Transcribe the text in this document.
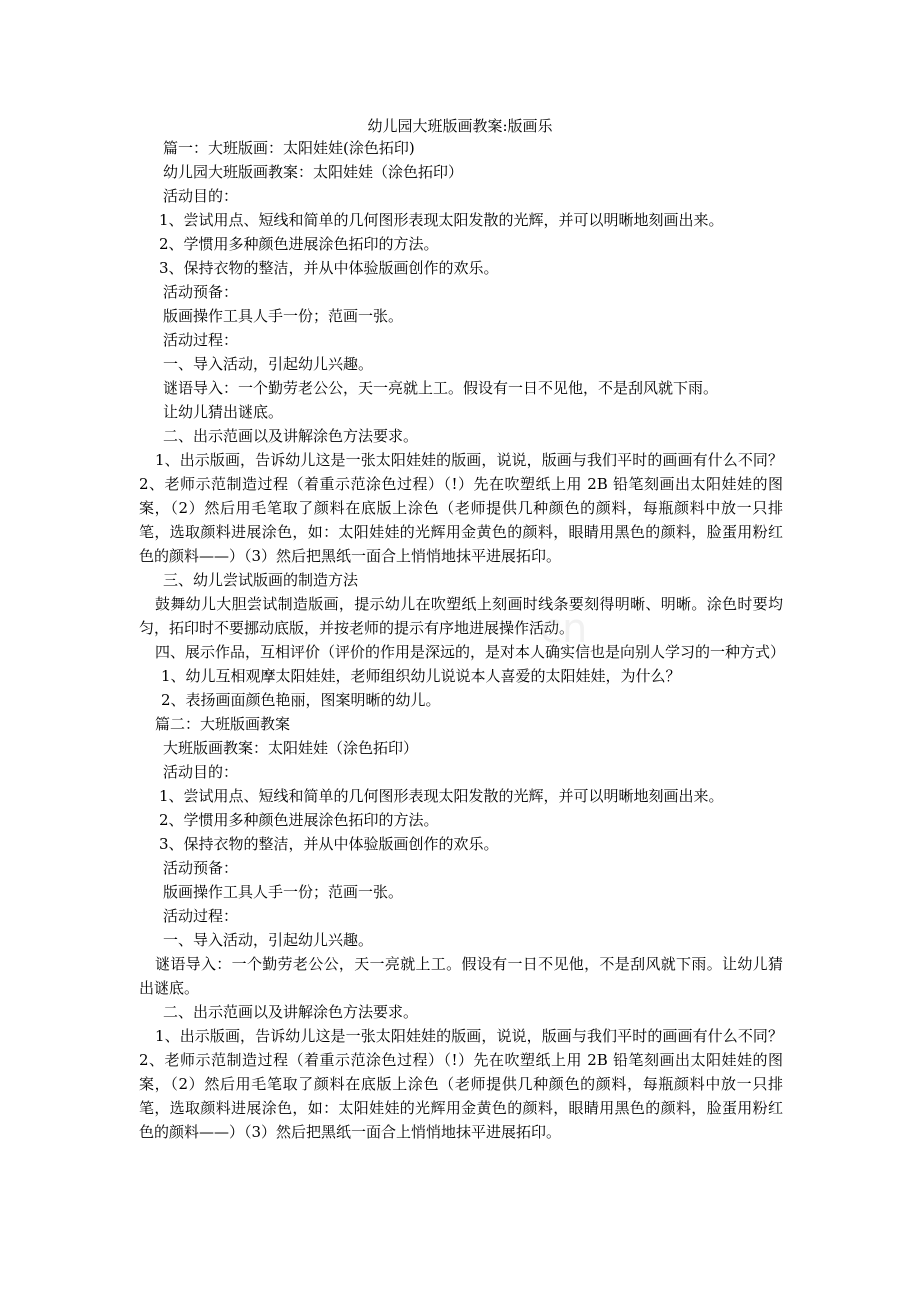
幼儿园大班版画教案:版画乐
cn

篇一：大班版画：太阳娃娃(涂色拓印)

幼儿园大班版画教案：太阳娃娃（涂色拓印）

活动目的：

1、尝试用点、短线和简单的几何图形表现太阳发散的光辉，并可以明晰地刻画出来。

2、学惯用多种颜色进展涂色拓印的方法。

3、保持衣物的整洁，并从中体验版画创作的欢乐。

活动预备：

版画操作工具人手一份；范画一张。

活动过程：

一、导入活动，引起幼儿兴趣。

谜语导入：一个勤劳老公公，天一亮就上工。假设有一日不见他，不是刮风就下雨。

让幼儿猜出谜底。

二、出示范画以及讲解涂色方法要求。

1、出示版画，告诉幼儿这是一张太阳娃娃的版画，说说，版画与我们平时的画画有什么不同？2、老师示范制造过程（着重示范涂色过程）（!）先在吹塑纸上用 2B 铅笔刻画出太阳娃娃的图案，（2）然后用毛笔取了颜料在底版上涂色（老师提供几种颜色的颜料，每瓶颜料中放一只排笔，选取颜料进展涂色，如：太阳娃娃的光辉用金黄色的颜料，眼睛用黑色的颜料，脸蛋用粉红色的颜料——）（3）然后把黑纸一面合上悄悄地抹平进展拓印。

三、幼儿尝试版画的制造方法

鼓舞幼儿大胆尝试制造版画，提示幼儿在吹塑纸上刻画时线条要刻得明晰、明晰。涂色时要均匀，拓印时不要挪动底版，并按老师的提示有序地进展操作活动。

四、展示作品，互相评价（评价的作用是深远的，是对本人确实信也是向别人学习的一种方式）

1、幼儿互相观摩太阳娃娃，老师组织幼儿说说本人喜爱的太阳娃娃，为什么？

2、表扬画面颜色艳丽，图案明晰的幼儿。

篇二：大班版画教案

大班版画教案：太阳娃娃（涂色拓印）

活动目的：

1、尝试用点、短线和简单的几何图形表现太阳发散的光辉，并可以明晰地刻画出来。

2、学惯用多种颜色进展涂色拓印的方法。

3、保持衣物的整洁，并从中体验版画创作的欢乐。

活动预备：

版画操作工具人手一份；范画一张。

活动过程：

一、导入活动，引起幼儿兴趣。

谜语导入：一个勤劳老公公，天一亮就上工。假设有一日不见他，不是刮风就下雨。让幼儿猜出谜底。

二、出示范画以及讲解涂色方法要求。

1、出示版画，告诉幼儿这是一张太阳娃娃的版画，说说，版画与我们平时的画画有什么不同？2、老师示范制造过程（着重示范涂色过程）（!）先在吹塑纸上用 2B 铅笔刻画出太阳娃娃的图案，（2）然后用毛笔取了颜料在底版上涂色（老师提供几种颜色的颜料，每瓶颜料中放一只排笔，选取颜料进展涂色，如：太阳娃娃的光辉用金黄色的颜料，眼睛用黑色的颜料，脸蛋用粉红色的颜料——）（3）然后把黑纸一面合上悄悄地抹平进展拓印。
